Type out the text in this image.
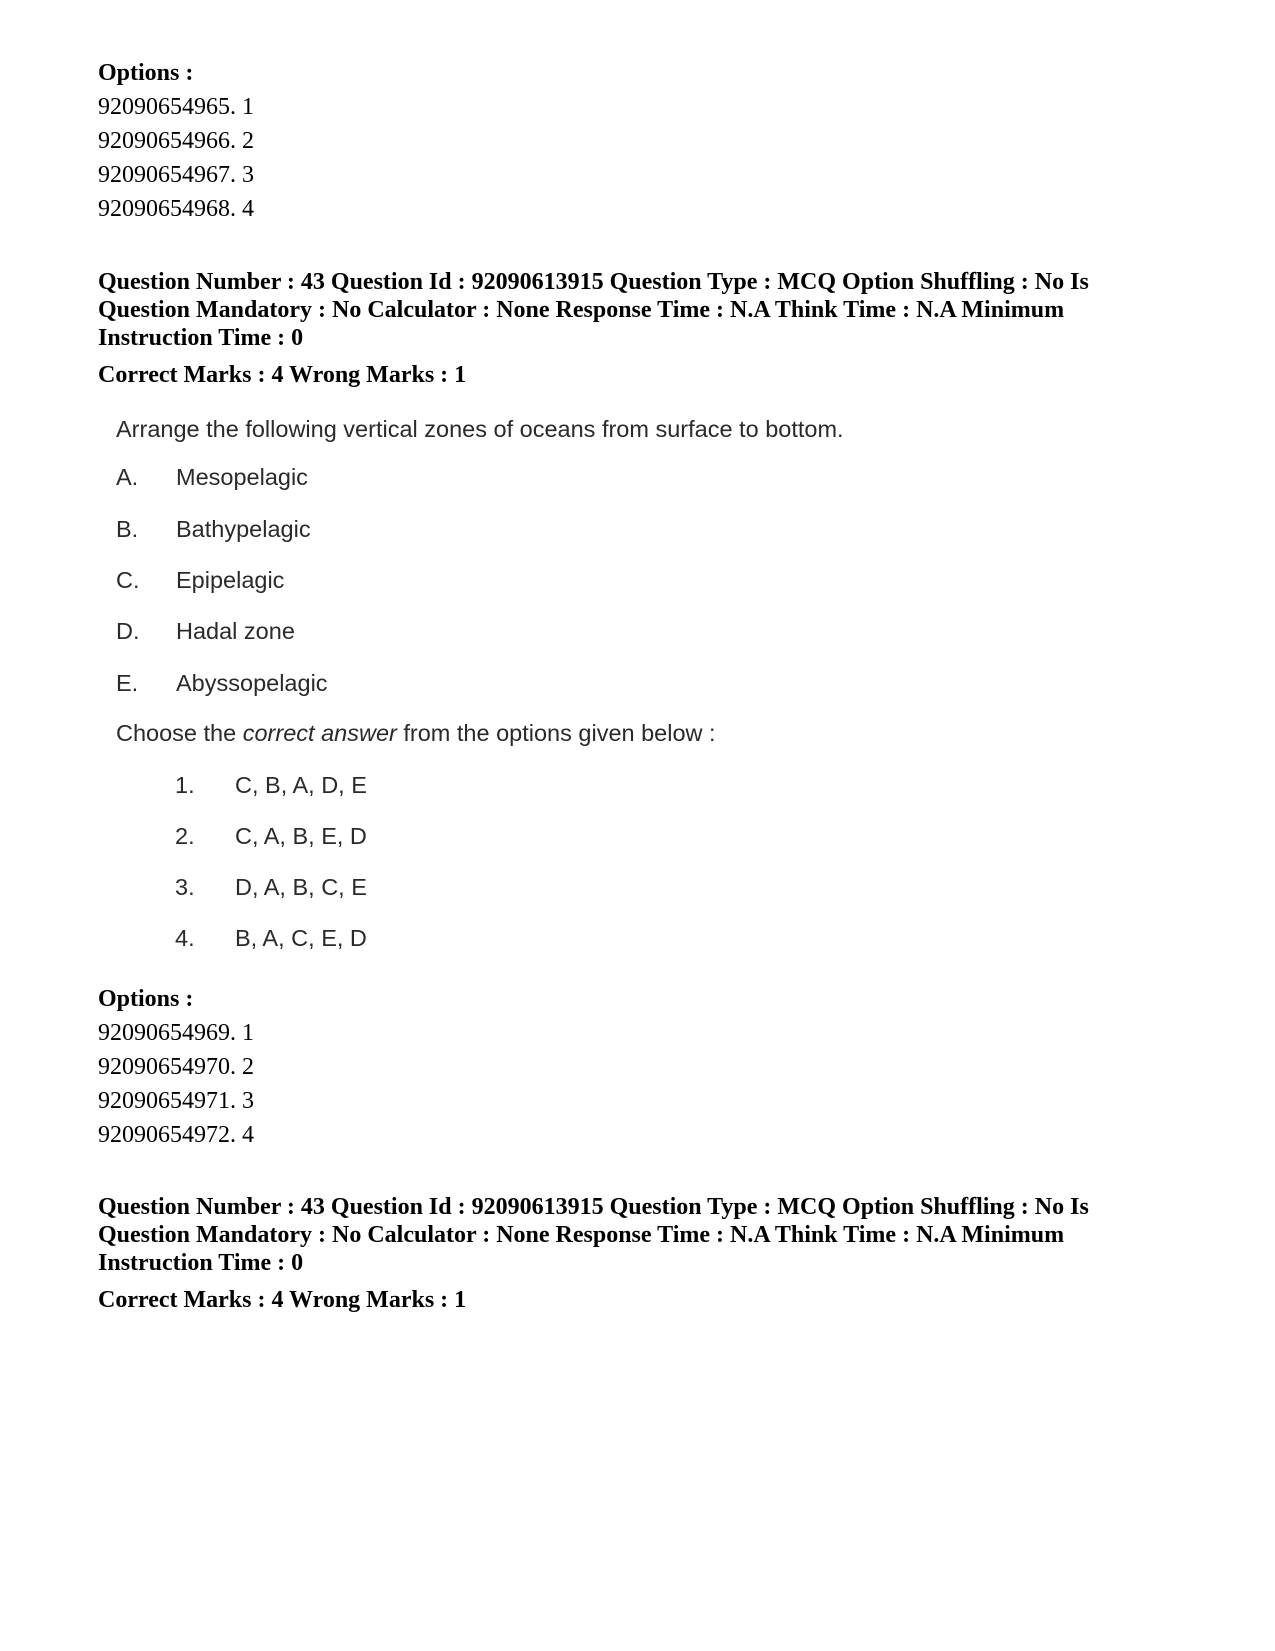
Options :
92090654965. 1
92090654966. 2
92090654967. 3
92090654968. 4
Question Number : 43 Question Id : 92090613915 Question Type : MCQ Option Shuffling : No Is
Question Mandatory : No Calculator : None Response Time : N.A Think Time : N.A Minimum
Instruction Time : 0
Correct Marks : 4 Wrong Marks : 1
Arrange the following vertical zones of oceans from surface to bottom.
A. Mesopelagic
B. Bathypelagic
C. Epipelagic
D. Hadal zone
E. Abyssopelagic
Choose the correct answer from the options given below :
1. C, B, A, D, E
2. C, A, B, E, D
3. D, A, B, C, E
4. B, A, C, E, D
Options :
92090654969. 1
92090654970. 2
92090654971. 3
92090654972. 4
Question Number : 43 Question Id : 92090613915 Question Type : MCQ Option Shuffling : No Is
Question Mandatory : No Calculator : None Response Time : N.A Think Time : N.A Minimum
Instruction Time : 0
Correct Marks : 4 Wrong Marks : 1
